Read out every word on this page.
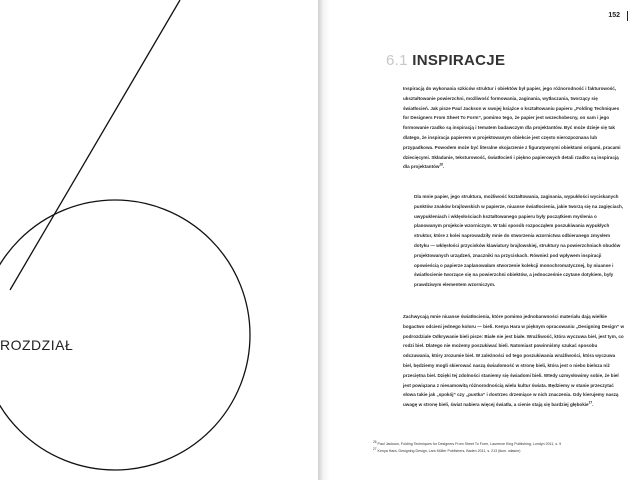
ROZDZIAŁ
152
6.1 INSPIRACJE

Inspiracją do wykonania szkiców struktur i obiektów był papier, jego różnorodność i fakturowość, ukształtowanie powierzchni, możliwość formowania, zaginania, wytłaczania, tworzący się światłocień. Jak pisze Paul Jackson w swojej książce o kształtowaniu papieru „Folding Techniques for Designers From Sheet To Form”, pomimo tego, że papier jest wszechobecny, on sam i jego formowanie rzadko są inspiracją i tematem badawczym dla projektantów. Być może dzieje się tak dlatego, że inspiracja papierem w projektowanym obiekcie jest często nierozpoznana lub przypadkowa. Powodem może być literalne skojarzenie z figuratywnymi obiektami origami, pracami dziecięcymi. Składanie, teksturowość, światłocień i piękno papierowych detali rzadko są inspiracją dla projektantów$^{26}$.

Dla mnie papier, jego struktura, możliwość kształtowania, zaginania, wypukłości wyciskanych punktów znaków brajlowskich w papierze, niuanse światłocienia, jakie tworzą się na zagięciach, uwypukleniach i wklęsłościach kształtowanego papieru były początkiem myślenia o planowanym projekcie wzorniczym. W taki sposób rozpocząłem poszukiwania wypukłych struktur, które z kolei naprowadziły mnie do stworzenia wzornictwa odbieranego zmysłem dotyku — wklęsłości przycisków klawiatury brajlowskiej, struktury na powierzchniach obudów projektowanych urządzeń, znaczniki na przyciskach. Również pod wpływem inspiracji opowieścią o papierze zaplanowałam stworzenie kolekcji monochromatycznej, by niuanse i światłocienie tworzące się na powierzchni obiektów, a jednocześnie czytane dotykiem, były prawdziwym elementem wzorniczym.

Zachwycają mnie niuanse światłocienia, które pomimo jednobarwności materiału dają wielkie bogactwo odcieni jednego koloru — bieli. Kenya Hara w pięknym opracowaniu „Designing Design” w podrozdziale Odkrywanie bieli pisze: Białe nie jest białe. Wrażliwość, która wyczuwa biel, jest tym, co rodzi biel. Dlatego nie możemy poszukiwać bieli. Natomiast powinniśmy szukać sposobu odczuwania, który zrozumie biel. W zależności od tego poszukiwania wrażliwości, która wyczuwa biel, będziemy mogli skierować naszą świadomość w stronę bieli, która jest o niebo bielsza niż przeciętna biel. Dzięki tej zdolności staniemy się świadomi bieli. Wtedy uzmysłowimy sobie, że biel jest powiązana z niesamowitą różnorodnością wielu kultur świata. Będziemy w stanie przeczytać słowa takie jak „spokój” czy „pustka” i dostrzec drzemiące w nich znaczenia. Gdy kierujemy naszą uwagę w stronę bieli, świat nabiera więcej światła, a cienie stają się bardziej głębokie$^{27}$.

$^{26}$ Paul Jackson, Folding Techniques for Designers From Sheet To Form, Laurence King Publishing, Londyn 2011, s. 9
$^{27}$ Kenya Hara, Designing Design, Lars Müller Publishers, Baden 2011, s. 213 (tłum. własne)
